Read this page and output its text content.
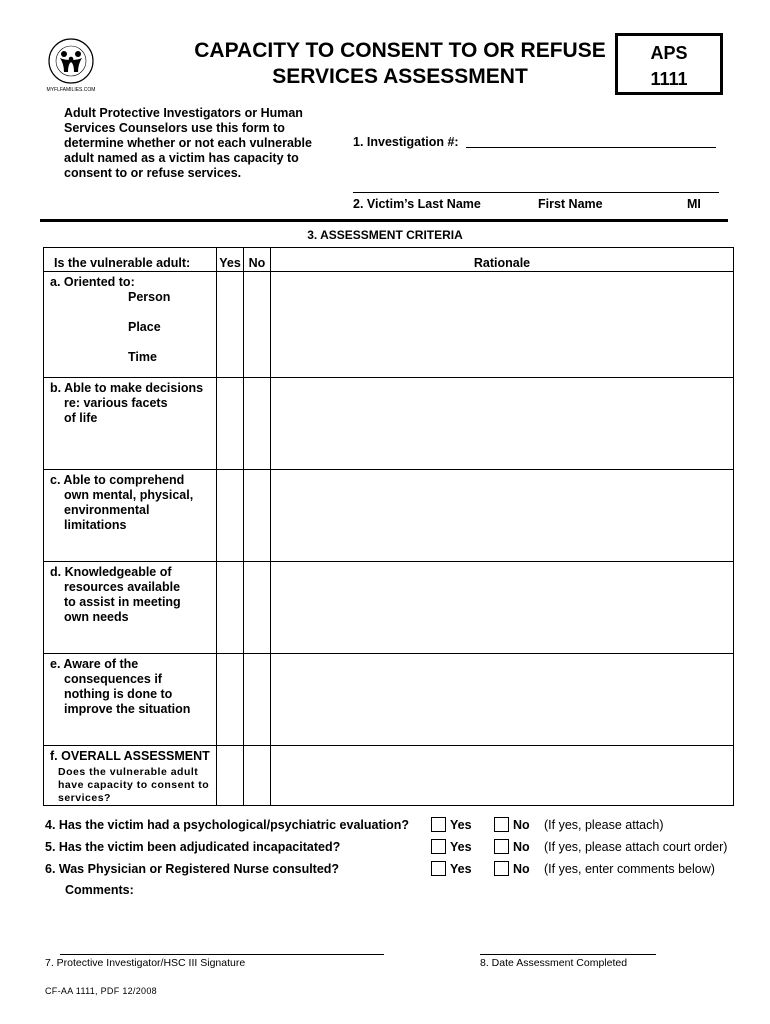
MYFLFAMILIES.COM
CAPACITY TO CONSENT TO OR REFUSE
SERVICES ASSESSMENT
APS
1111
Adult Protective Investigators or Human Services Counselors use this form to determine whether or not each vulnerable adult named as a victim has capacity to consent to or refuse services.
1. Investigation #:
2. Victim’s Last Name	First Name	MI
3. ASSESSMENT CRITERIA
Is the vulnerable adult:	Yes	No	Rationale

a. Oriented to:
Person
Place
Time			

b. Able to make decisions
re: various facets
of life			

c. Able to comprehend
own mental, physical,
environmental
limitations			

d. Knowledgeable of
resources available
to assist in meeting
own needs			

e. Aware of the
consequences if
nothing is done to
improve the situation			

f. OVERALL ASSESSMENT
Does the vulnerable adult
have capacity to consent to
services?			

4. Has the victim had a psychological/psychiatric evaluation?	Yes	No (If yes, please attach)
5. Has the victim been adjudicated incapacitated?	Yes	No (If yes, please attach court order)
6. Was Physician or Registered Nurse consulted?	Yes	No (If yes, enter comments below)
Comments:
7. Protective Investigator/HSC III Signature	8. Date Assessment Completed
CF-AA 1111, PDF 12/2008
